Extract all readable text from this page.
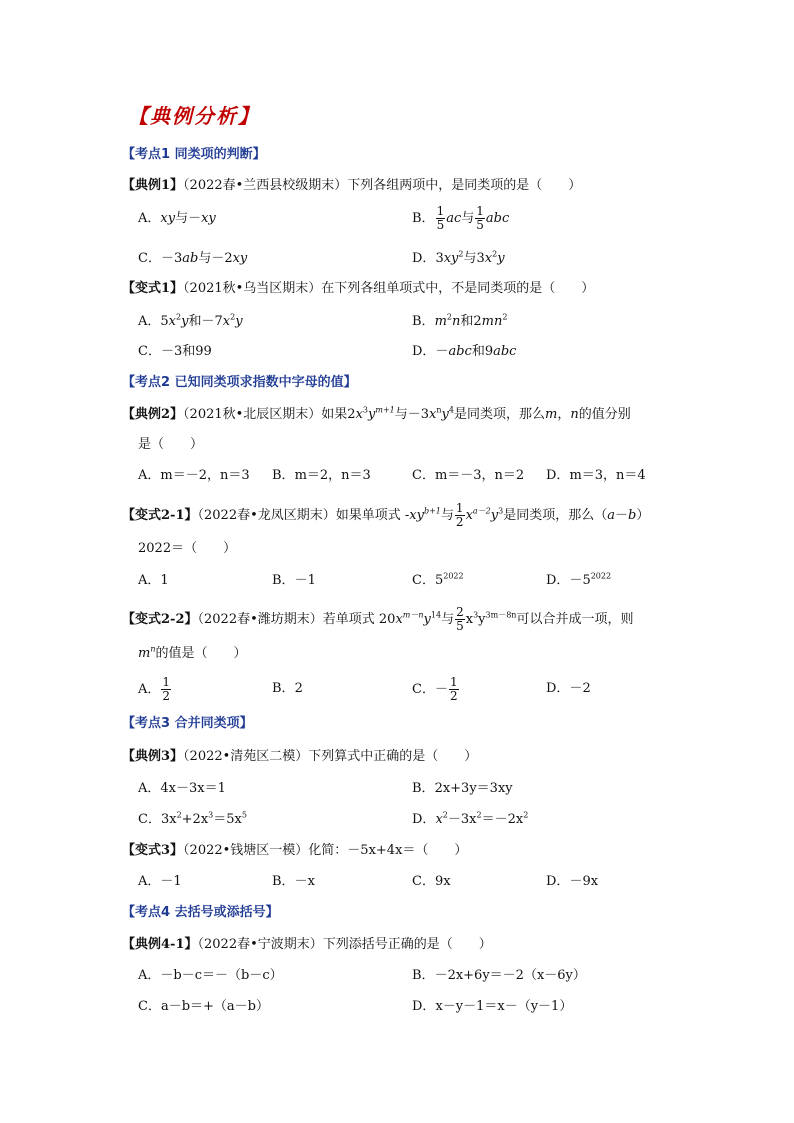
【典例分析】
【考点1 同类项的判断】
【典例1】（2022春•兰西县校级期末）下列各组两项中，是同类项的是（　　）
A．xy与－xy	B． $\frac{1}{5}$ ac与 $\frac{1}{5}$ abc
C．－3ab与－2xy	D．$3xy^2$与$3x^2y$
【变式1】（2021秋•乌当区期末）在下列各组单项式中，不是同类项的是（　　）
A．$5x^2y$和$-7x^2y$	B．$m^2n$和$2mn^2$
C．－3和99	D．－abc和9abc
【考点2 已知同类项求指数中字母的值】
【典例2】（2021秋•北辰区期末）如果$2x^3y^{m+1}$与$-3x^ny^4$是同类项，那么m，n的值分别
是（　　）
A．m＝－2，n＝3 B．m＝2，n＝3	C．m＝－3，n＝2 D．m＝3，n＝4
【变式2-1】（2022春•龙凤区期末）如果单项式 $-xy^{b+1}$与 $\frac{1}{2} x^{a-2}y^3$是同类项，那么（a－b）
2022＝（　　）
A．1	B．－1	C．$5^{2022}$	D．$-5^{2022}$
【变式2-2】（2022春•潍坊期末）若单项式 $20x^{m-n}y^{14}$与 $\frac{2}{5} x^3y^{3m-8n}$可以合并成一项，则
$m^n$的值是（　　）
A． $\frac{1}{2}$	B．2	C．－ $\frac{1}{2}$	D．－2
【考点3 合并同类项】
【典例3】（2022•清苑区二模）下列算式中正确的是（　　）
A．4x－3x＝1	B．2x+3y＝3xy
C．$3x^2+2x^3=5x^5$	D．$x^2-3x^2=-2x^2$
【变式3】（2022•钱塘区一模）化简：－5x+4x＝（　　）
A．－1	B．－x	C．9x	D．－9x
【考点4 去括号或添括号】
【典例4-1】（2022春•宁波期末）下列添括号正确的是（　　）
A．－b－c＝－（b－c）	B．－2x+6y＝－2（x－6y）
C．a－b＝+（a－b）	D．x－y－1＝x－（y－1）
